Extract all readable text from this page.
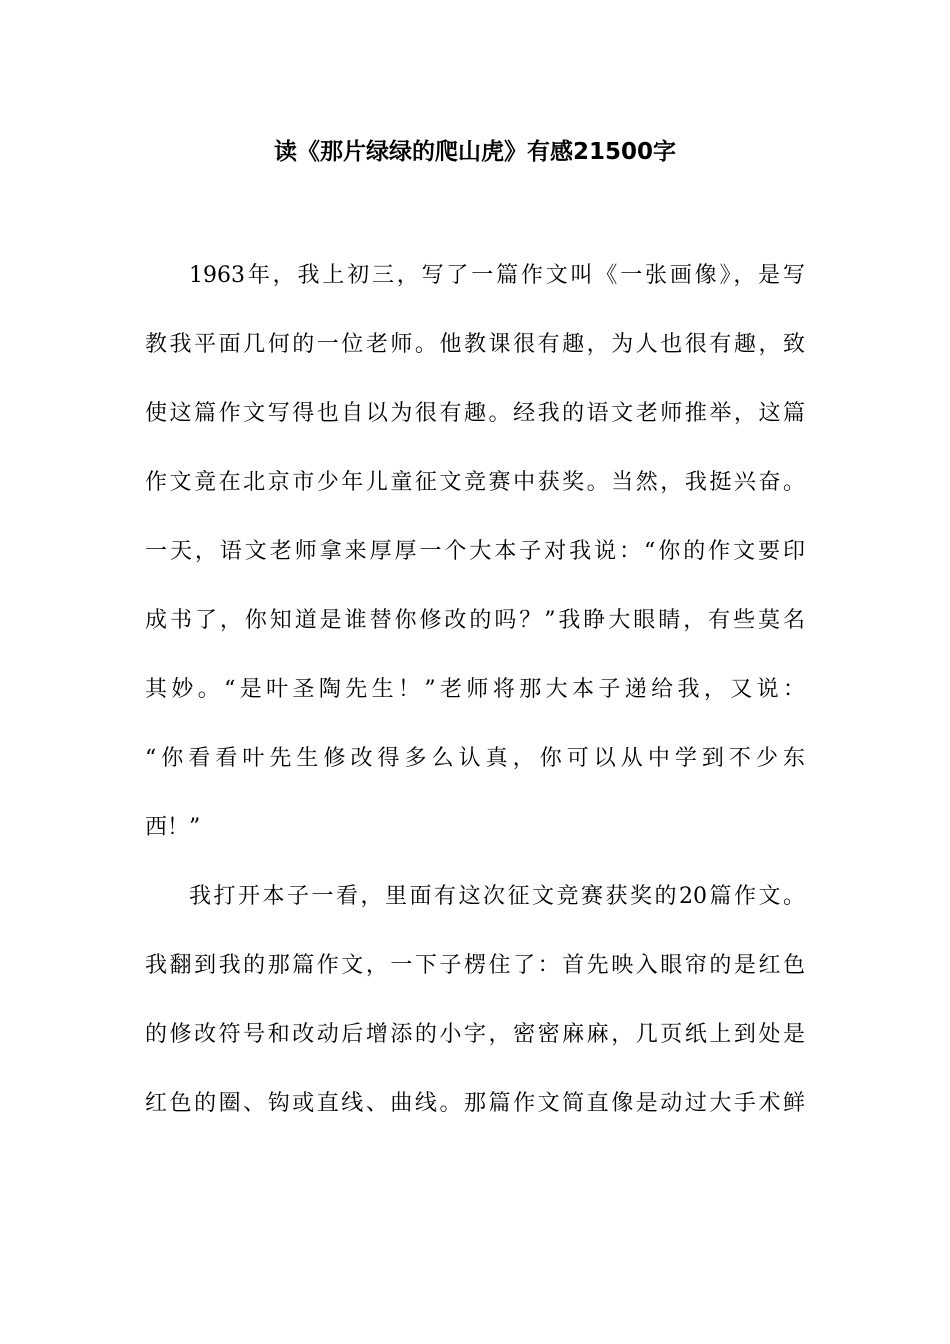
读《那片绿绿的爬山虎》有感21500字
1963年，我上初三，写了一篇作文叫《一张画像》，是写
教我平面几何的一位老师。他教课很有趣，为人也很有趣，致
使这篇作文写得也自以为很有趣。经我的语文老师推举，这篇
作文竟在北京市少年儿童征文竞赛中获奖。当然，我挺兴奋。
一天，语文老师拿来厚厚一个大本子对我说：“你的作文要印
成书了，你知道是谁替你修改的吗？”我睁大眼睛，有些莫名
其妙。“是叶圣陶先生！”老师将那大本子递给我，又说：
“你看看叶先生修改得多么认真，你可以从中学到不少东
西！”
我打开本子一看，里面有这次征文竞赛获奖的20篇作文。
我翻到我的那篇作文，一下子楞住了：首先映入眼帘的是红色
的修改符号和改动后增添的小字，密密麻麻，几页纸上到处是
红色的圈、钩或直线、曲线。那篇作文简直像是动过大手术鲜
